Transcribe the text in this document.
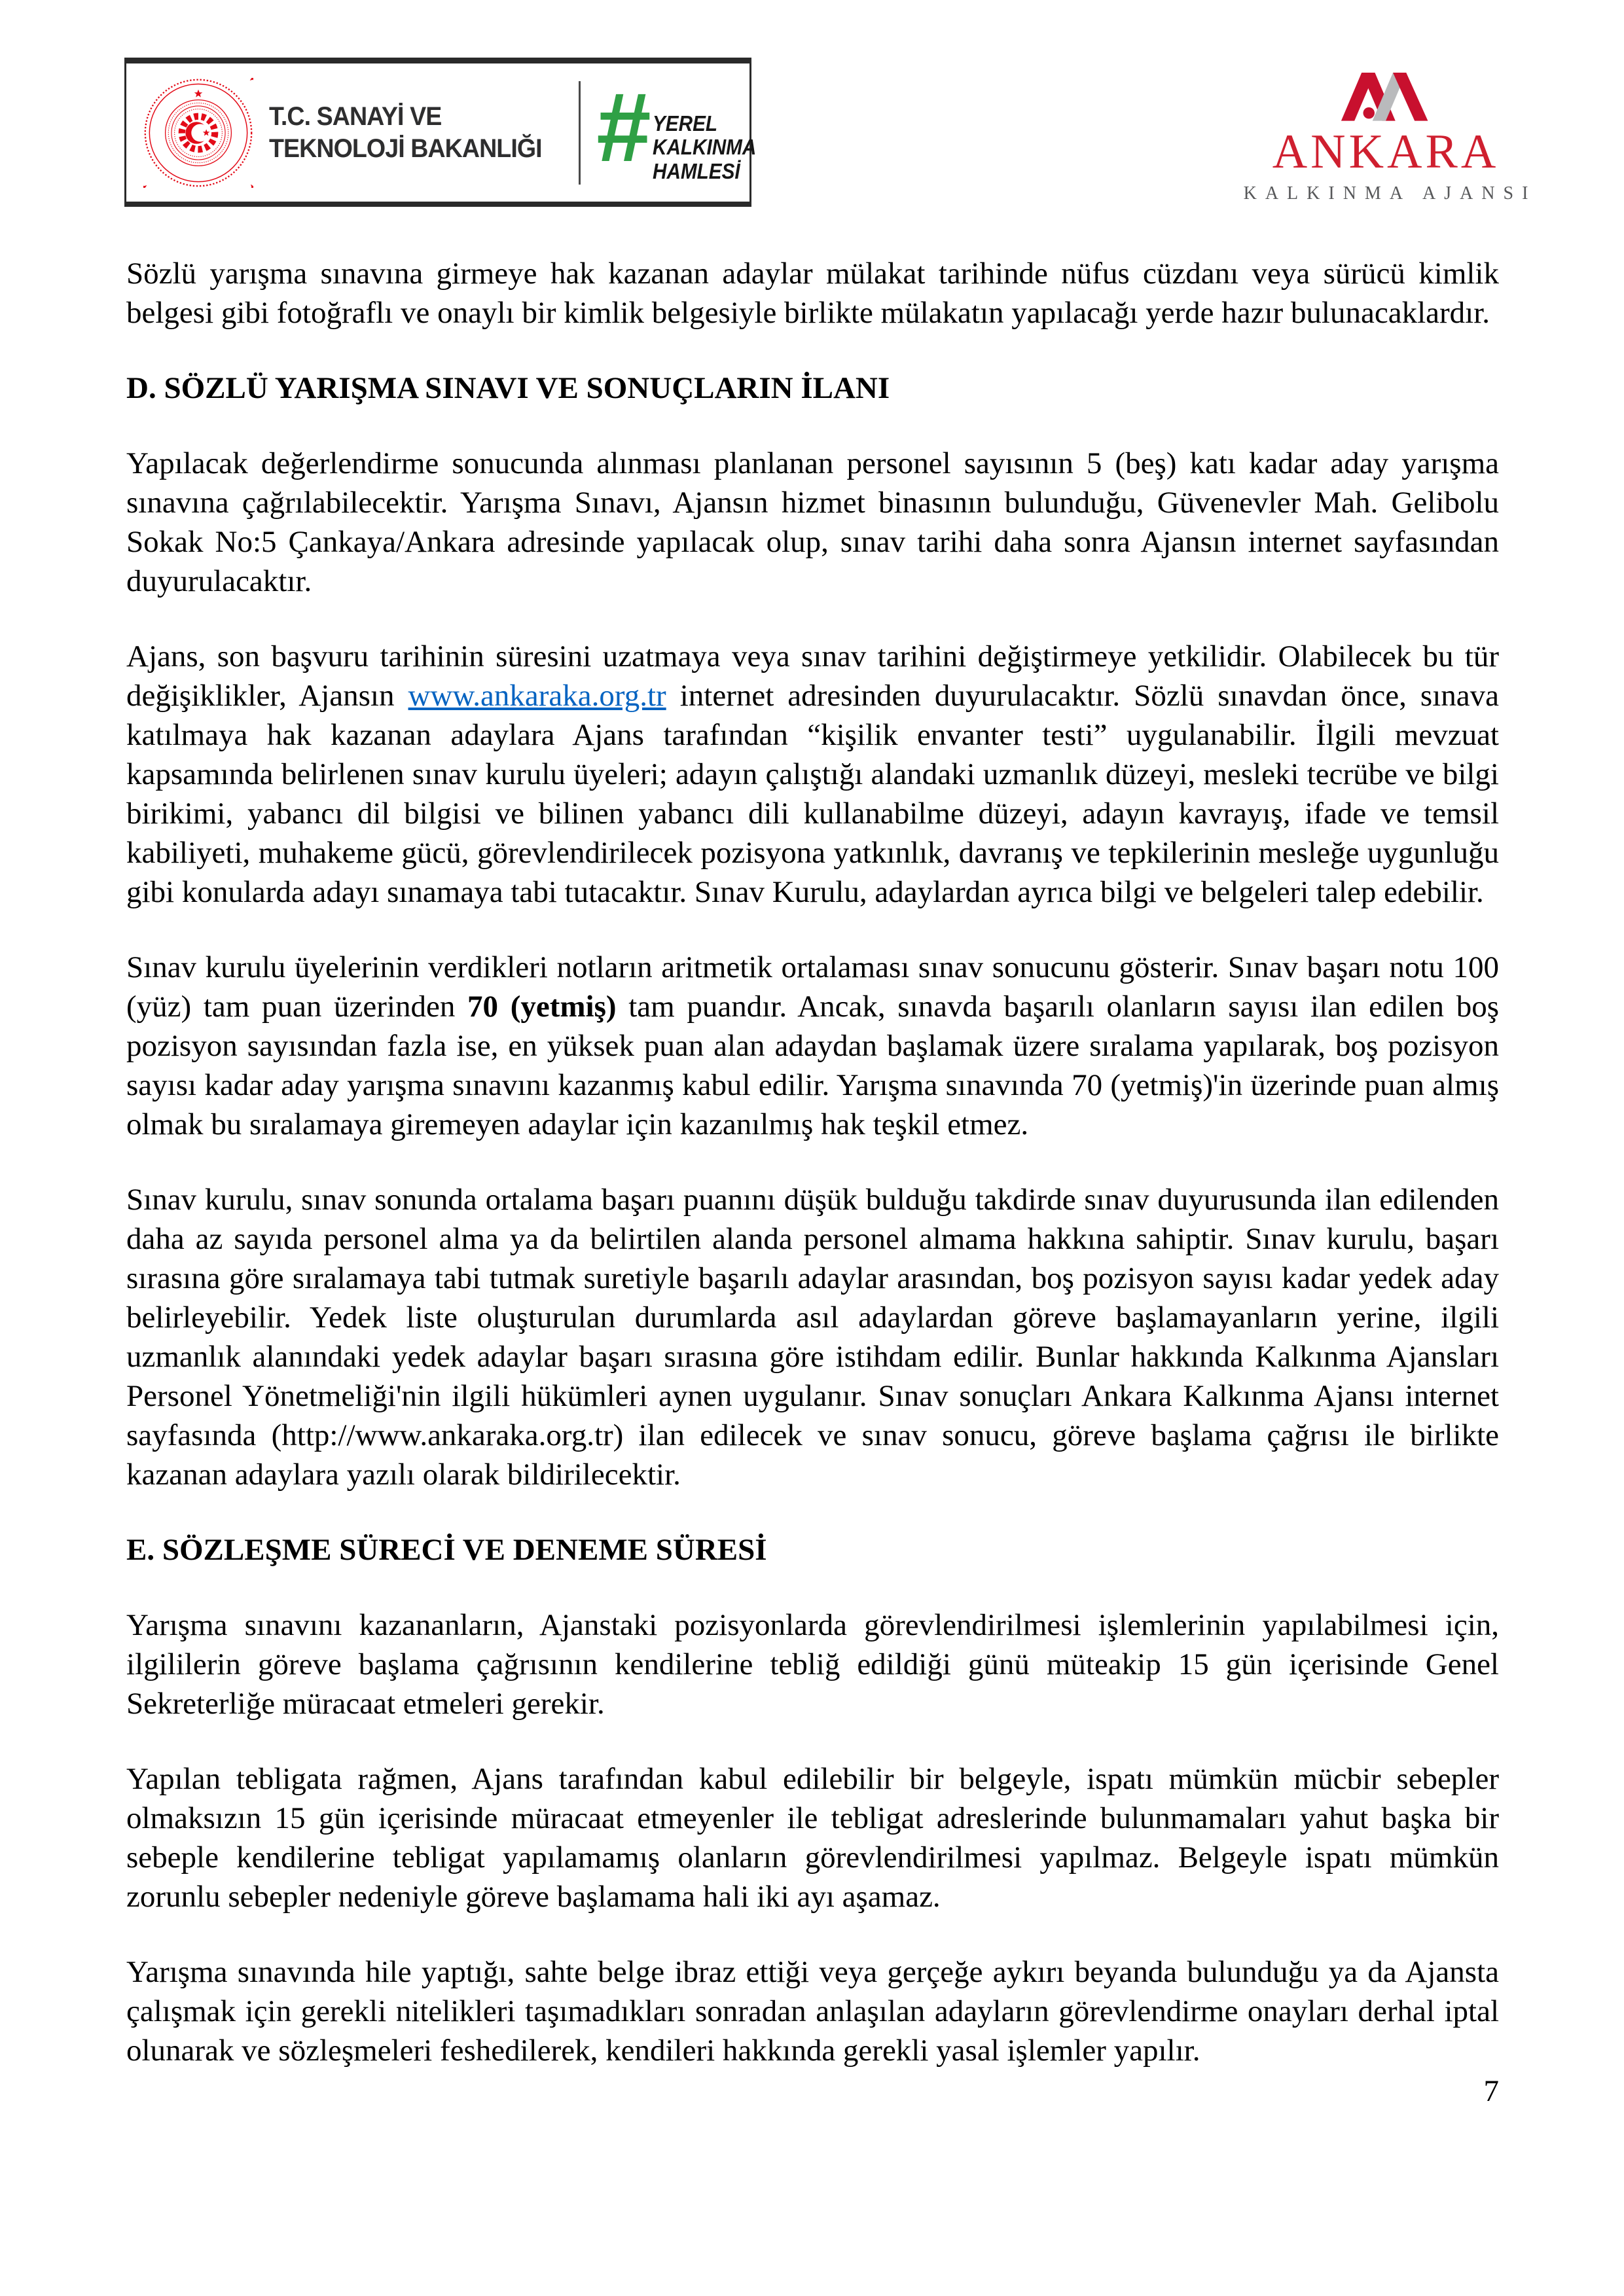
T.C. SANAYİ VE
TEKNOLOJİ BAKANLIĞI # YEREL
KALKINMA
HAMLESİ	ANKARA
KALKINMA AJANSI

Sözlü yarışma sınavına girmeye hak kazanan adaylar mülakat tarihinde nüfus cüzdanı veya sürücü kimlik belgesi gibi fotoğraflı ve onaylı bir kimlik belgesiyle birlikte mülakatın yapılacağı yerde hazır bulunacaklardır.

D. SÖZLÜ YARIŞMA SINAVI VE SONUÇLARIN İLANI

Yapılacak değerlendirme sonucunda alınması planlanan personel sayısının 5 (beş) katı kadar aday yarışma sınavına çağrılabilecektir. Yarışma Sınavı, Ajansın hizmet binasının bulunduğu, Güvenevler Mah. Gelibolu Sokak No:5 Çankaya/Ankara adresinde yapılacak olup, sınav tarihi daha sonra Ajansın internet sayfasından duyurulacaktır.

Ajans, son başvuru tarihinin süresini uzatmaya veya sınav tarihini değiştirmeye yetkilidir. Olabilecek bu tür değişiklikler, Ajansın www.ankaraka.org.tr internet adresinden duyurulacaktır. Sözlü sınavdan önce, sınava katılmaya hak kazanan adaylara Ajans tarafından “kişilik envanter testi” uygulanabilir. İlgili mevzuat kapsamında belirlenen sınav kurulu üyeleri; adayın çalıştığı alandaki uzmanlık düzeyi, mesleki tecrübe ve bilgi birikimi, yabancı dil bilgisi ve bilinen yabancı dili kullanabilme düzeyi, adayın kavrayış, ifade ve temsil kabiliyeti, muhakeme gücü, görevlendirilecek pozisyona yatkınlık, davranış ve tepkilerinin mesleğe uygunluğu gibi konularda adayı sınamaya tabi tutacaktır. Sınav Kurulu, adaylardan ayrıca bilgi ve belgeleri talep edebilir.

Sınav kurulu üyelerinin verdikleri notların aritmetik ortalaması sınav sonucunu gösterir. Sınav başarı notu 100 (yüz) tam puan üzerinden 70 (yetmiş) tam puandır. Ancak, sınavda başarılı olanların sayısı ilan edilen boş pozisyon sayısından fazla ise, en yüksek puan alan adaydan başlamak üzere sıralama yapılarak, boş pozisyon sayısı kadar aday yarışma sınavını kazanmış kabul edilir. Yarışma sınavında 70 (yetmiş)'in üzerinde puan almış olmak bu sıralamaya giremeyen adaylar için kazanılmış hak teşkil etmez.

Sınav kurulu, sınav sonunda ortalama başarı puanını düşük bulduğu takdirde sınav duyurusunda ilan edilenden daha az sayıda personel alma ya da belirtilen alanda personel almama hakkına sahiptir. Sınav kurulu, başarı sırasına göre sıralamaya tabi tutmak suretiyle başarılı adaylar arasından, boş pozisyon sayısı kadar yedek aday belirleyebilir. Yedek liste oluşturulan durumlarda asıl adaylardan göreve başlamayanların yerine, ilgili uzmanlık alanındaki yedek adaylar başarı sırasına göre istihdam edilir. Bunlar hakkında Kalkınma Ajansları Personel Yönetmeliği'nin ilgili hükümleri aynen uygulanır. Sınav sonuçları Ankara Kalkınma Ajansı internet sayfasında (http://www.ankaraka.org.tr) ilan edilecek ve sınav sonucu, göreve başlama çağrısı ile birlikte kazanan adaylara yazılı olarak bildirilecektir.

E. SÖZLEŞME SÜRECİ VE DENEME SÜRESİ

Yarışma sınavını kazananların, Ajanstaki pozisyonlarda görevlendirilmesi işlemlerinin yapılabilmesi için, ilgililerin göreve başlama çağrısının kendilerine tebliğ edildiği günü müteakip 15 gün içerisinde Genel Sekreterliğe müracaat etmeleri gerekir.

Yapılan tebligata rağmen, Ajans tarafından kabul edilebilir bir belgeyle, ispatı mümkün mücbir sebepler olmaksızın 15 gün içerisinde müracaat etmeyenler ile tebligat adreslerinde bulunmamaları yahut başka bir sebeple kendilerine tebligat yapılamamış olanların görevlendirilmesi yapılmaz. Belgeyle ispatı mümkün zorunlu sebepler nedeniyle göreve başlamama hali iki ayı aşamaz.

Yarışma sınavında hile yaptığı, sahte belge ibraz ettiği veya gerçeğe aykırı beyanda bulunduğu ya da Ajansta çalışmak için gerekli nitelikleri taşımadıkları sonradan anlaşılan adayların görevlendirme onayları derhal iptal olunarak ve sözleşmeleri feshedilerek, kendileri hakkında gerekli yasal işlemler yapılır.

7
